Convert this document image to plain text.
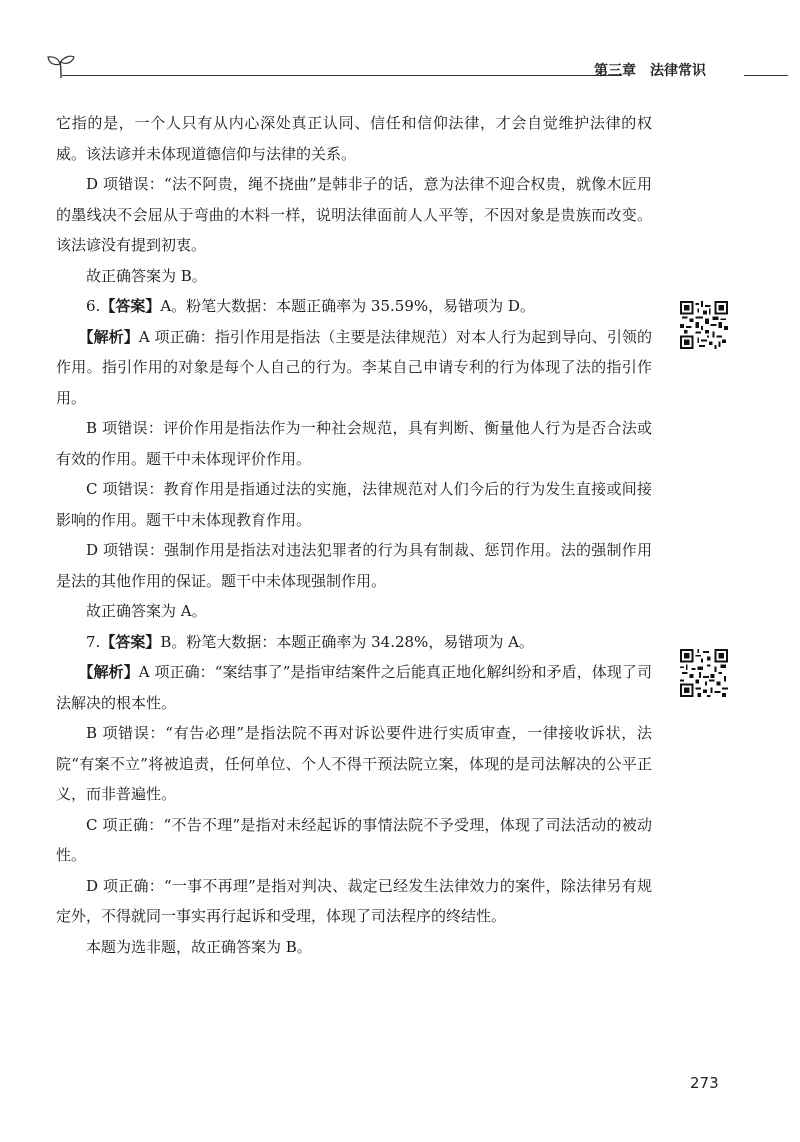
第三章　法律常识

它指的是，一个人只有从内心深处真正认同、信任和信仰法律，才会自觉维护法律的权威。该法谚并未体现道德信仰与法律的关系。

D 项错误：“法不阿贵，绳不挠曲”是韩非子的话，意为法律不迎合权贵，就像木匠用的墨线决不会屈从于弯曲的木料一样，说明法律面前人人平等，不因对象是贵族而改变。该法谚没有提到初衷。

故正确答案为 B。

6.【答案】A。粉笔大数据：本题正确率为 35.59%，易错项为 D。

【解析】A 项正确：指引作用是指法（主要是法律规范）对本人行为起到导向、引领的作用。指引作用的对象是每个人自己的行为。李某自己申请专利的行为体现了法的指引作用。

B 项错误：评价作用是指法作为一种社会规范，具有判断、衡量他人行为是否合法或有效的作用。题干中未体现评价作用。

C 项错误：教育作用是指通过法的实施，法律规范对人们今后的行为发生直接或间接影响的作用。题干中未体现教育作用。

D 项错误：强制作用是指法对违法犯罪者的行为具有制裁、惩罚作用。法的强制作用是法的其他作用的保证。题干中未体现强制作用。

故正确答案为 A。

7.【答案】B。粉笔大数据：本题正确率为 34.28%，易错项为 A。

【解析】A 项正确：“案结事了”是指审结案件之后能真正地化解纠纷和矛盾，体现了司法解决的根本性。

B 项错误：“有告必理”是指法院不再对诉讼要件进行实质审查，一律接收诉状，法院“有案不立”将被追责，任何单位、个人不得干预法院立案，体现的是司法解决的公平正义，而非普遍性。

C 项正确：“不告不理”是指对未经起诉的事情法院不予受理，体现了司法活动的被动性。

D 项正确：“一事不再理”是指对判决、裁定已经发生法律效力的案件，除法律另有规定外，不得就同一事实再行起诉和受理，体现了司法程序的终结性。

本题为选非题，故正确答案为 B。

273
